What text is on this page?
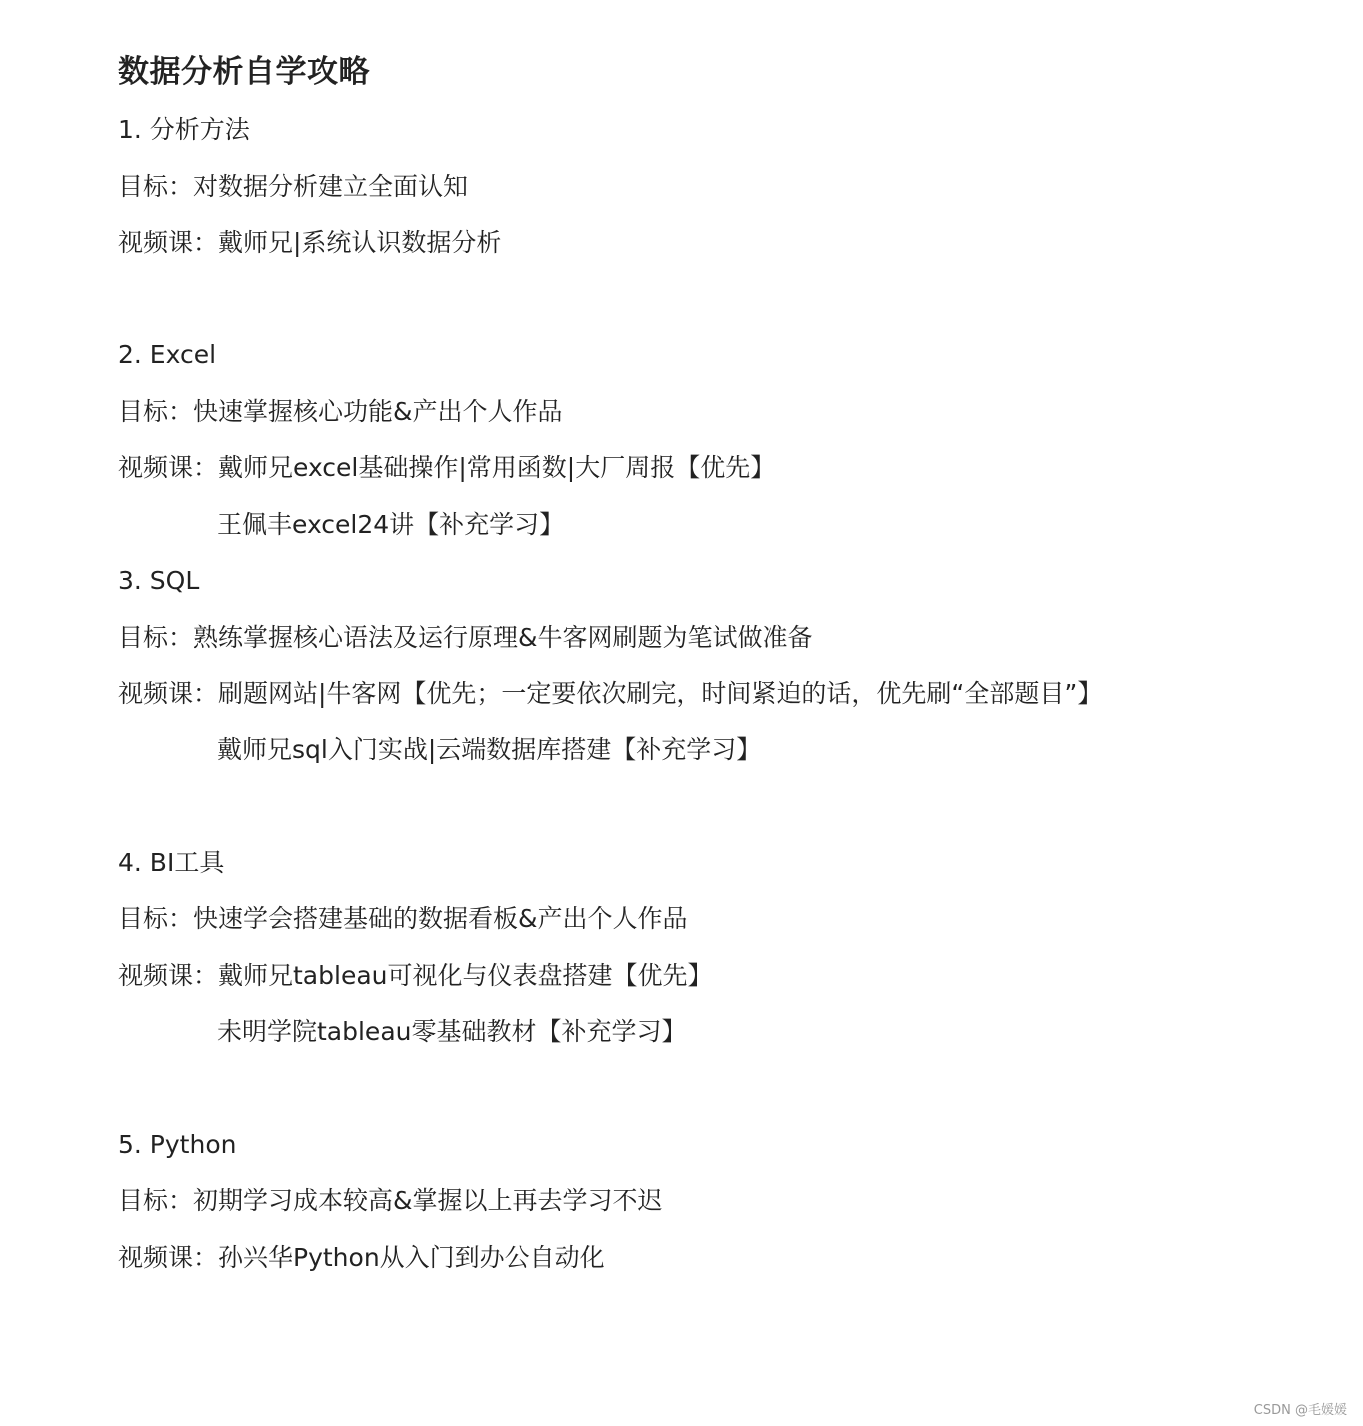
数据分析自学攻略
1. 分析方法
目标：对数据分析建立全面认知
视频课：戴师兄|系统认识数据分析
2. Excel
目标：快速掌握核心功能&产出个人作品
视频课：戴师兄excel基础操作|常用函数|大厂周报【优先】
王佩丰excel24讲【补充学习】
3. SQL
目标：熟练掌握核心语法及运行原理&牛客网刷题为笔试做准备
视频课：刷题网站|牛客网【优先；一定要依次刷完，时间紧迫的话，优先刷“全部题目”】
戴师兄sql入门实战|云端数据库搭建【补充学习】
4. BI工具
目标：快速学会搭建基础的数据看板&产出个人作品
视频课：戴师兄tableau可视化与仪表盘搭建【优先】
未明学院tableau零基础教材【补充学习】
5. Python
目标：初期学习成本较高&掌握以上再去学习不迟
视频课：孙兴华Python从入门到办公自动化
CSDN @毛媛媛
